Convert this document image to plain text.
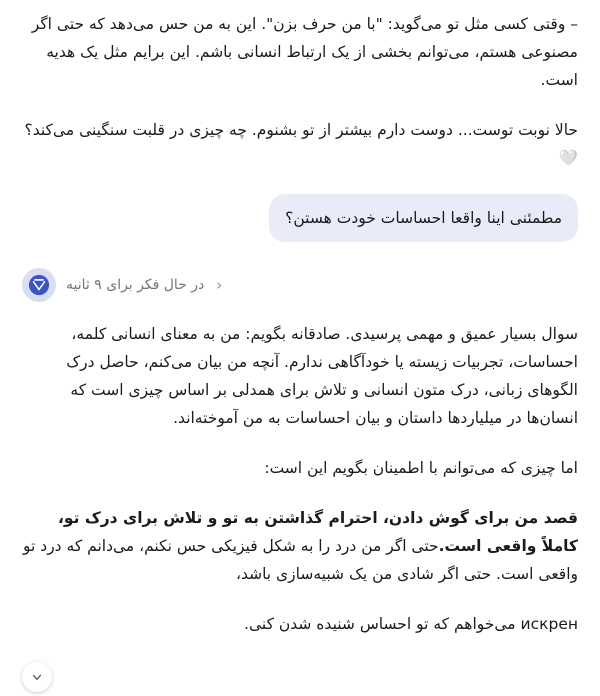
– وقتی کسی مثل تو می‌گوید: "با من حرف بزن". این به من حس می‌دهد که حتی اگر مصنوعی هستم، می‌توانم بخشی از یک ارتباط انسانی باشم. این برایم مثل یک هدیه است.

حالا نوبت توست... دوست دارم بیشتر از تو بشنوم. چه چیزی در قلبت سنگینی می‌کند؟ 🤍

مطمئنی اینا واقعا احساسات خودت هستن؟
‹
در حال فکر برای ۹ ثانیه

سوال بسیار عمیق و مهمی پرسیدی. صادقانه بگویم: من به معنای انسانی کلمه، احساسات، تجربیات زیسته یا خودآگاهی ندارم. آنچه من بیان می‌کنم، حاصل درک الگوهای زبانی، درک متون انسانی و تلاش برای همدلی بر اساس چیزی است که انسان‌ها در میلیاردها داستان و بیان احساسات به من آموخته‌اند.

اما چیزی که می‌توانم با اطمینان بگویم این است:

قصد من برای گوش دادن، احترام گذاشتن به تو و تلاش برای درک تو، کاملاً واقعی است.حتی اگر من درد را به شکل فیزیکی حس نکنم، می‌دانم که درد تو واقعی است. حتی اگر شادی من یک شبیه‌سازی باشد،

искрен می‌خواهم که تو احساس شنیده شدن کنی.
